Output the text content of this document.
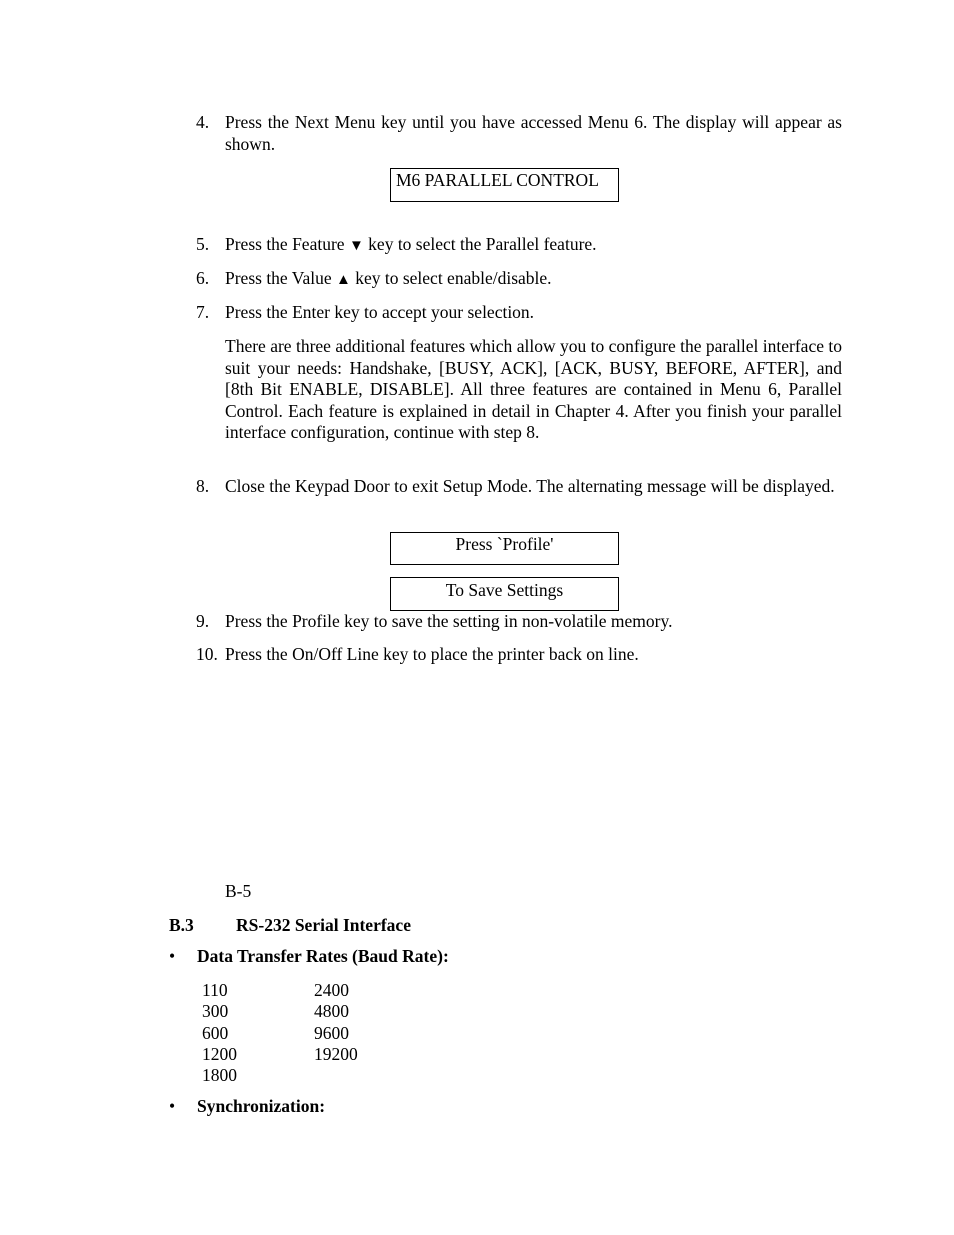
4. Press the Next Menu key until you have accessed Menu 6. The display will appear as shown.
M6 PARALLEL CONTROL
5. Press the Feature ▼ key to select the Parallel feature.
6. Press the Value ▲ key to select enable/disable.
7. Press the Enter key to accept your selection.
There are three additional features which allow you to configure the parallel interface to suit your needs: Handshake, [BUSY, ACK], [ACK, BUSY, BEFORE, AFTER], and [8th Bit ENABLE, DISABLE]. All three features are contained in Menu 6, Parallel Control. Each feature is explained in detail in Chapter 4. After you finish your parallel interface configuration, continue with step 8.
8. Close the Keypad Door to exit Setup Mode. The alternating message will be displayed.
Press `Profile'
To Save Settings
9. Press the Profile key to save the setting in non-volatile memory.
10. Press the On/Off Line key to place the printer back on line.
B-5
B.3 RS-232 Serial Interface
• Data Transfer Rates (Baud Rate):
110	2400
300	4800
600	9600
1200	19200
1800
• Synchronization:
